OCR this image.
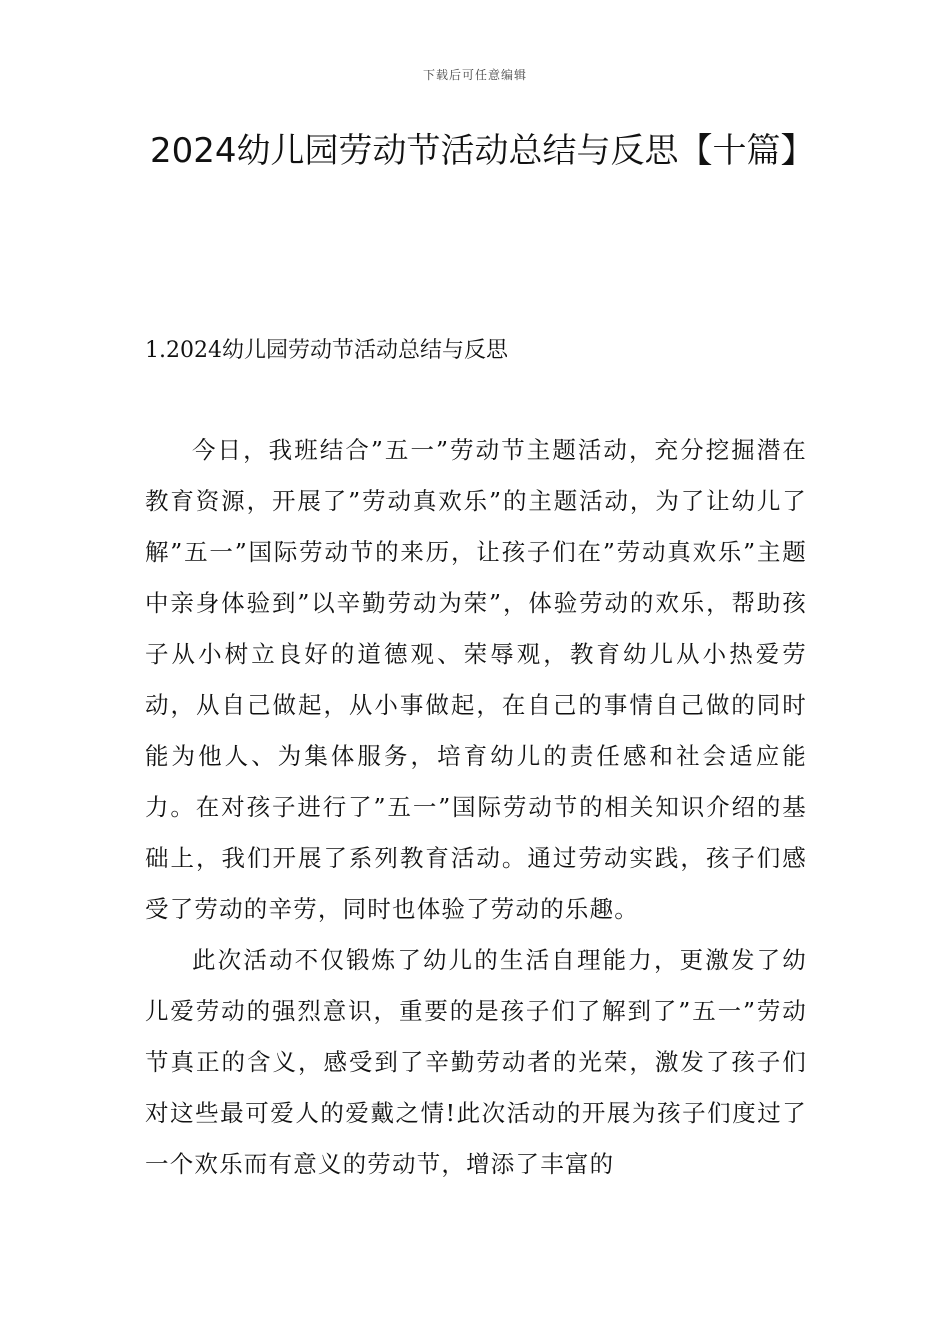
下载后可任意编辑
2024幼儿园劳动节活动总结与反思【十篇】
1.2024幼儿园劳动节活动总结与反思

今日，我班结合”五一”劳动节主题活动，充分挖掘潜在教育资源，开展了”劳动真欢乐”的主题活动，为了让幼儿了解”五一”国际劳动节的来历，让孩子们在”劳动真欢乐”主题中亲身体验到”以辛勤劳动为荣”，体验劳动的欢乐，帮助孩子从小树立良好的道德观、荣辱观，教育幼儿从小热爱劳动，从自己做起，从小事做起，在自己的事情自己做的同时能为他人、为集体服务，培育幼儿的责任感和社会适应能力。在对孩子进行了”五一”国际劳动节的相关知识介绍的基础上，我们开展了系列教育活动。通过劳动实践，孩子们感受了劳动的辛劳，同时也体验了劳动的乐趣。

此次活动不仅锻炼了幼儿的生活自理能力，更激发了幼儿爱劳动的强烈意识，重要的是孩子们了解到了”五一”劳动节真正的含义，感受到了辛勤劳动者的光荣，激发了孩子们对这些最可爱人的爱戴之情!此次活动的开展为孩子们度过了一个欢乐而有意义的劳动节，增添了丰富的
